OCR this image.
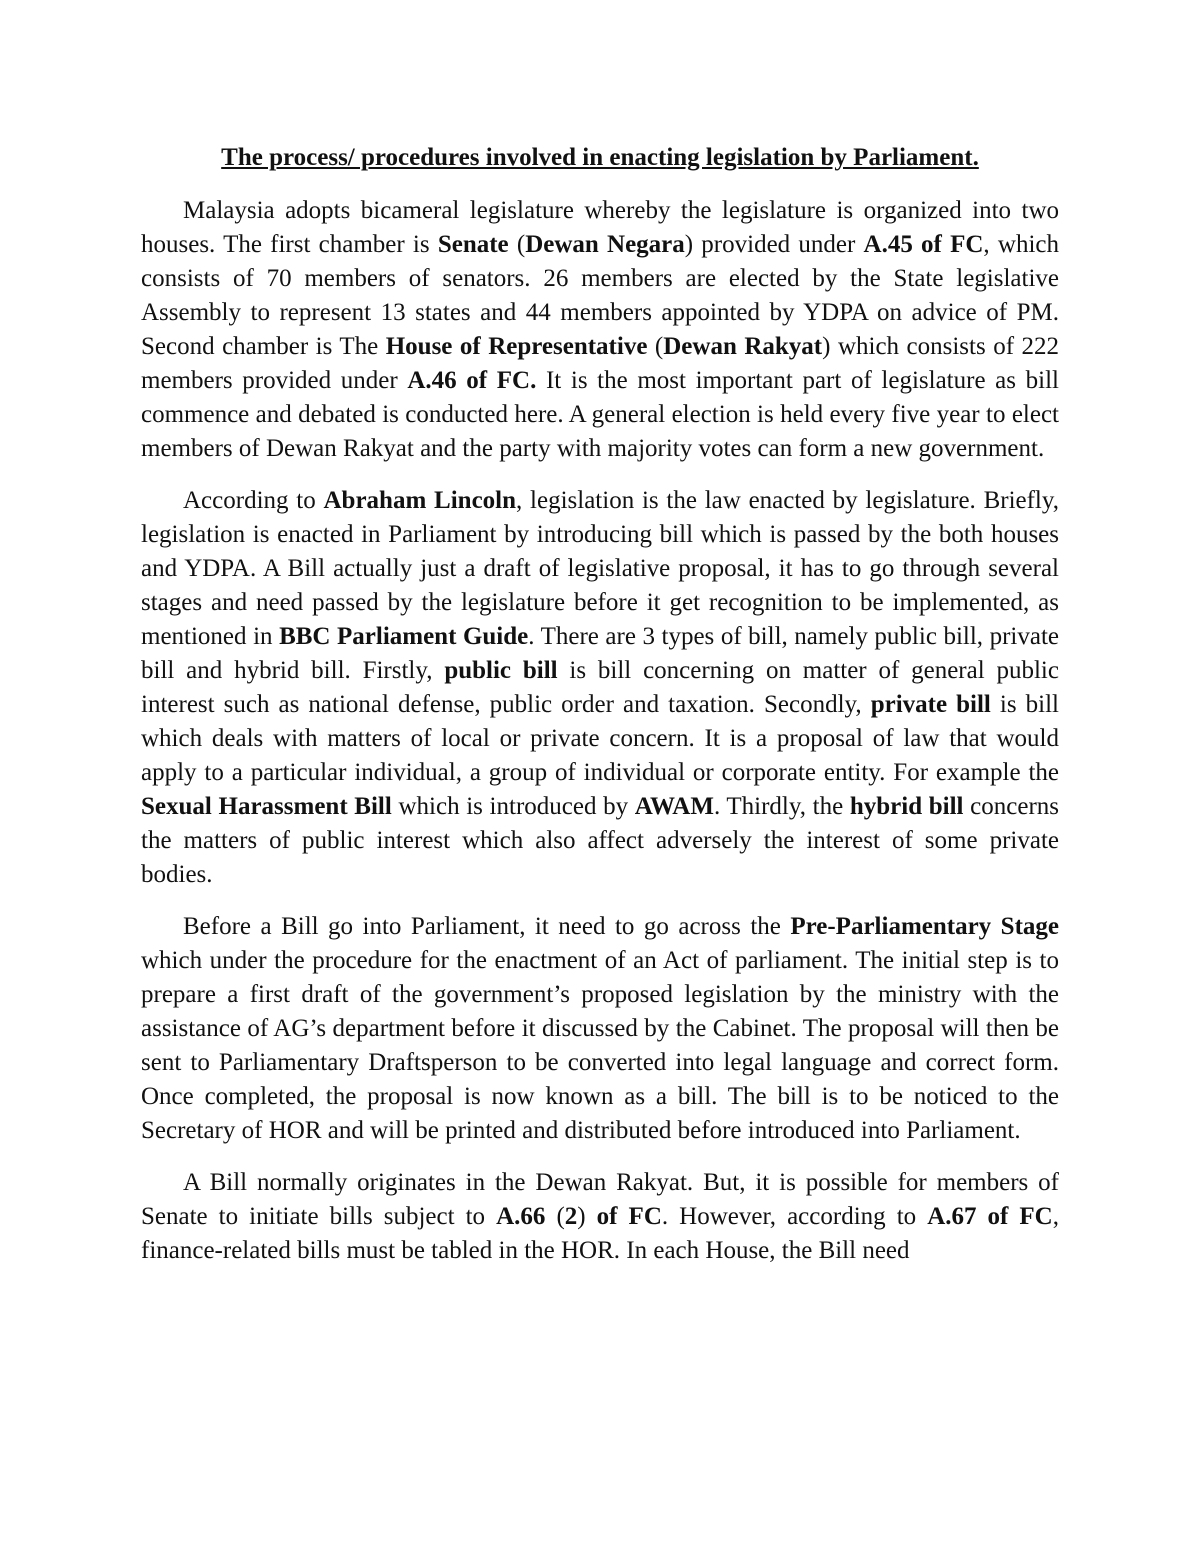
The process/ procedures involved in enacting legislation by Parliament.

Malaysia adopts bicameral legislature whereby the legislature is organized into two houses. The first chamber is Senate (Dewan Negara) provided under A.45 of FC, which consists of 70 members of senators. 26 members are elected by the State legislative Assembly to represent 13 states and 44 members appointed by YDPA on advice of PM. Second chamber is The House of Representative (Dewan Rakyat) which consists of 222 members provided under A.46 of FC. It is the most important part of legislature as bill commence and debated is conducted here. A general election is held every five year to elect members of Dewan Rakyat and the party with majority votes can form a new government.

According to Abraham Lincoln, legislation is the law enacted by legislature. Briefly, legislation is enacted in Parliament by introducing bill which is passed by the both houses and YDPA. A Bill actually just a draft of legislative proposal, it has to go through several stages and need passed by the legislature before it get recognition to be implemented, as mentioned in BBC Parliament Guide. There are 3 types of bill, namely public bill, private bill and hybrid bill. Firstly, public bill is bill concerning on matter of general public interest such as national defense, public order and taxation. Secondly, private bill is bill which deals with matters of local or private concern. It is a proposal of law that would apply to a particular individual, a group of individual or corporate entity. For example the Sexual Harassment Bill which is introduced by AWAM. Thirdly, the hybrid bill concerns the matters of public interest which also affect adversely the interest of some private bodies.

Before a Bill go into Parliament, it need to go across the Pre-Parliamentary Stage which under the procedure for the enactment of an Act of parliament. The initial step is to prepare a first draft of the government’s proposed legislation by the ministry with the assistance of AG’s department before it discussed by the Cabinet. The proposal will then be sent to Parliamentary Draftsperson to be converted into legal language and correct form. Once completed, the proposal is now known as a bill. The bill is to be noticed to the Secretary of HOR and will be printed and distributed before introduced into Parliament.

A Bill normally originates in the Dewan Rakyat. But, it is possible for members of Senate to initiate bills subject to A.66 (2) of FC. However, according to A.67 of FC, finance-related bills must be tabled in the HOR. In each House, the Bill need
